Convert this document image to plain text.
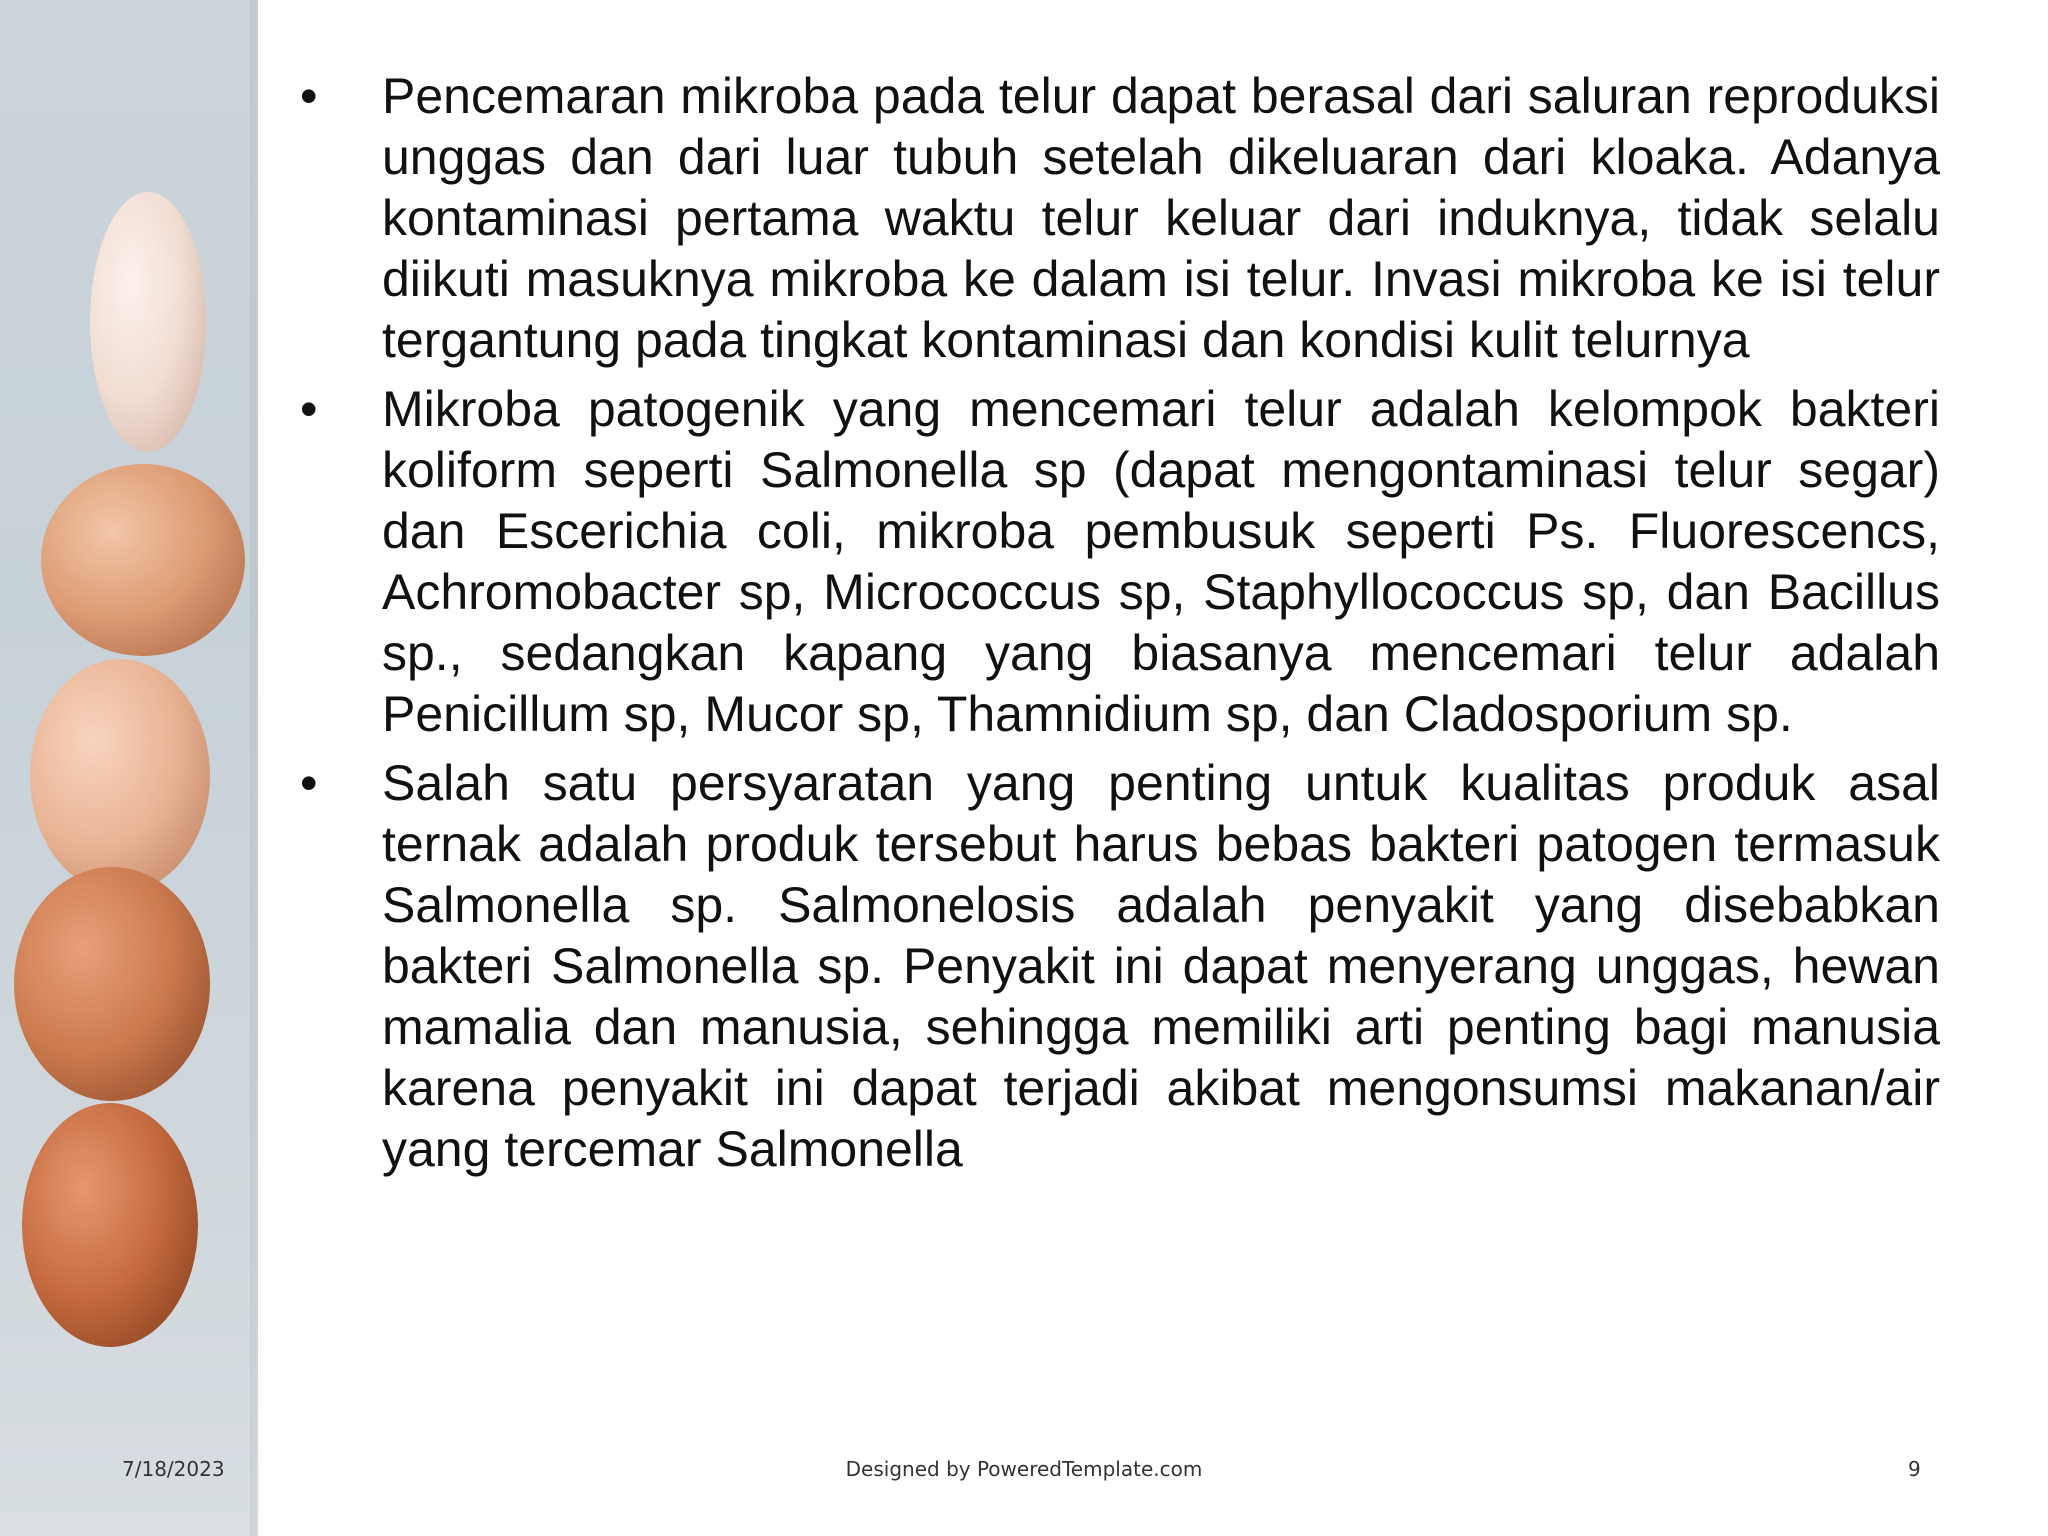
• Pencemaran mikroba pada telur dapat berasal dari saluran reproduksi unggas dan dari luar tubuh setelah dikeluaran dari kloaka. Adanya kontaminasi pertama waktu telur keluar dari induknya, tidak selalu diikuti masuknya mikroba ke dalam isi telur. Invasi mikroba ke isi telur tergantung pada tingkat kontaminasi dan kondisi kulit telurnya
• Mikroba patogenik yang mencemari telur adalah kelompok bakteri koliform seperti Salmonella sp (dapat mengontaminasi telur segar) dan Escerichia coli, mikroba pembusuk seperti Ps. Fluorescencs, Achromobacter sp, Micrococcus sp, Staphyllococcus sp, dan Bacillus sp., sedangkan kapang yang biasanya mencemari telur adalah Penicillum sp, Mucor sp, Thamnidium sp, dan Cladosporium sp.
• Salah satu persyaratan yang penting untuk kualitas produk asal ternak adalah produk tersebut harus bebas bakteri patogen termasuk Salmonella sp. Salmonelosis adalah penyakit yang disebabkan bakteri Salmonella sp. Penyakit ini dapat menyerang unggas, hewan mamalia dan manusia, sehingga memiliki arti penting bagi manusia karena penyakit ini dapat terjadi akibat mengonsumsi makanan/air yang tercemar Salmonella
7/18/2023	Designed by PoweredTemplate.com	9
